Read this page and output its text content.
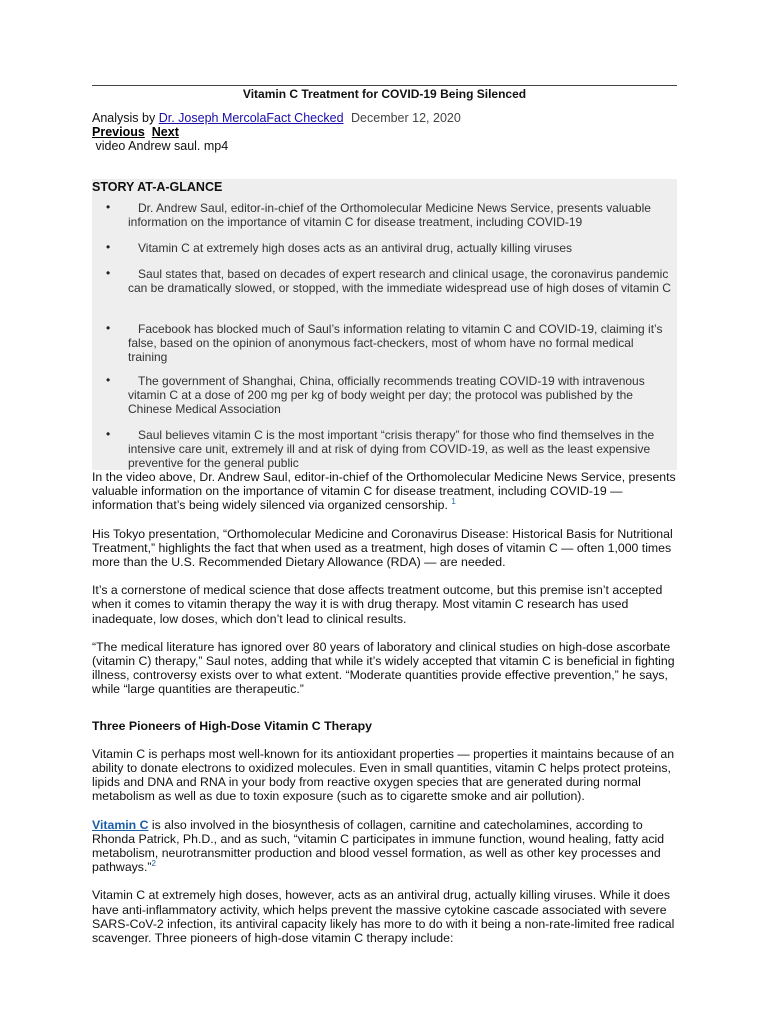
Vitamin C Treatment for COVID-19 Being Silenced
Analysis by Dr. Joseph MercolaFact Checked December 12, 2020
Previous Next
video Andrew saul. mp4
STORY AT-A-GLANCE
• Dr. Andrew Saul, editor-in-chief of the Orthomolecular Medicine News Service, presents valuable information on the importance of vitamin C for disease treatment, including COVID-19
• Vitamin C at extremely high doses acts as an antiviral drug, actually killing viruses
• Saul states that, based on decades of expert research and clinical usage, the coronavirus pandemic can be dramatically slowed, or stopped, with the immediate widespread use of high doses of vitamin C
• Facebook has blocked much of Saul’s information relating to vitamin C and COVID-19, claiming it’s false, based on the opinion of anonymous fact-checkers, most of whom have no formal medical training
• The government of Shanghai, China, officially recommends treating COVID-19 with intravenous vitamin C at a dose of 200 mg per kg of body weight per day; the protocol was published by the Chinese Medical Association
• Saul believes vitamin C is the most important “crisis therapy” for those who find themselves in the intensive care unit, extremely ill and at risk of dying from COVID-19, as well as the least expensive preventive for the general public

In the video above, Dr. Andrew Saul, editor-in-chief of the Orthomolecular Medicine News Service, presents valuable information on the importance of vitamin C for disease treatment, including COVID-19 — information that’s being widely silenced via organized censorship. $^1$

His Tokyo presentation, “Orthomolecular Medicine and Coronavirus Disease: Historical Basis for Nutritional Treatment,” highlights the fact that when used as a treatment, high doses of vitamin C — often 1,000 times more than the U.S. Recommended Dietary Allowance (RDA) — are needed.

It’s a cornerstone of medical science that dose affects treatment outcome, but this premise isn’t accepted when it comes to vitamin therapy the way it is with drug therapy. Most vitamin C research has used inadequate, low doses, which don’t lead to clinical results.

“The medical literature has ignored over 80 years of laboratory and clinical studies on high-dose ascorbate (vitamin C) therapy,” Saul notes, adding that while it’s widely accepted that vitamin C is beneficial in fighting illness, controversy exists over to what extent. “Moderate quantities provide effective prevention,” he says, while “large quantities are therapeutic.”

Three Pioneers of High-Dose Vitamin C Therapy

Vitamin C is perhaps most well-known for its antioxidant properties — properties it maintains because of an ability to donate electrons to oxidized molecules. Even in small quantities, vitamin C helps protect proteins, lipids and DNA and RNA in your body from reactive oxygen species that are generated during normal metabolism as well as due to toxin exposure (such as to cigarette smoke and air pollution).

Vitamin C is also involved in the biosynthesis of collagen, carnitine and catecholamines, according to Rhonda Patrick, Ph.D., and as such, “vitamin C participates in immune function, wound healing, fatty acid metabolism, neurotransmitter production and blood vessel formation, as well as other key processes and pathways.”$^2$

Vitamin C at extremely high doses, however, acts as an antiviral drug, actually killing viruses. While it does have anti-inflammatory activity, which helps prevent the massive cytokine cascade associated with severe SARS-CoV-2 infection, its antiviral capacity likely has more to do with it being a non-rate-limited free radical scavenger. Three pioneers of high-dose vitamin C therapy include:
